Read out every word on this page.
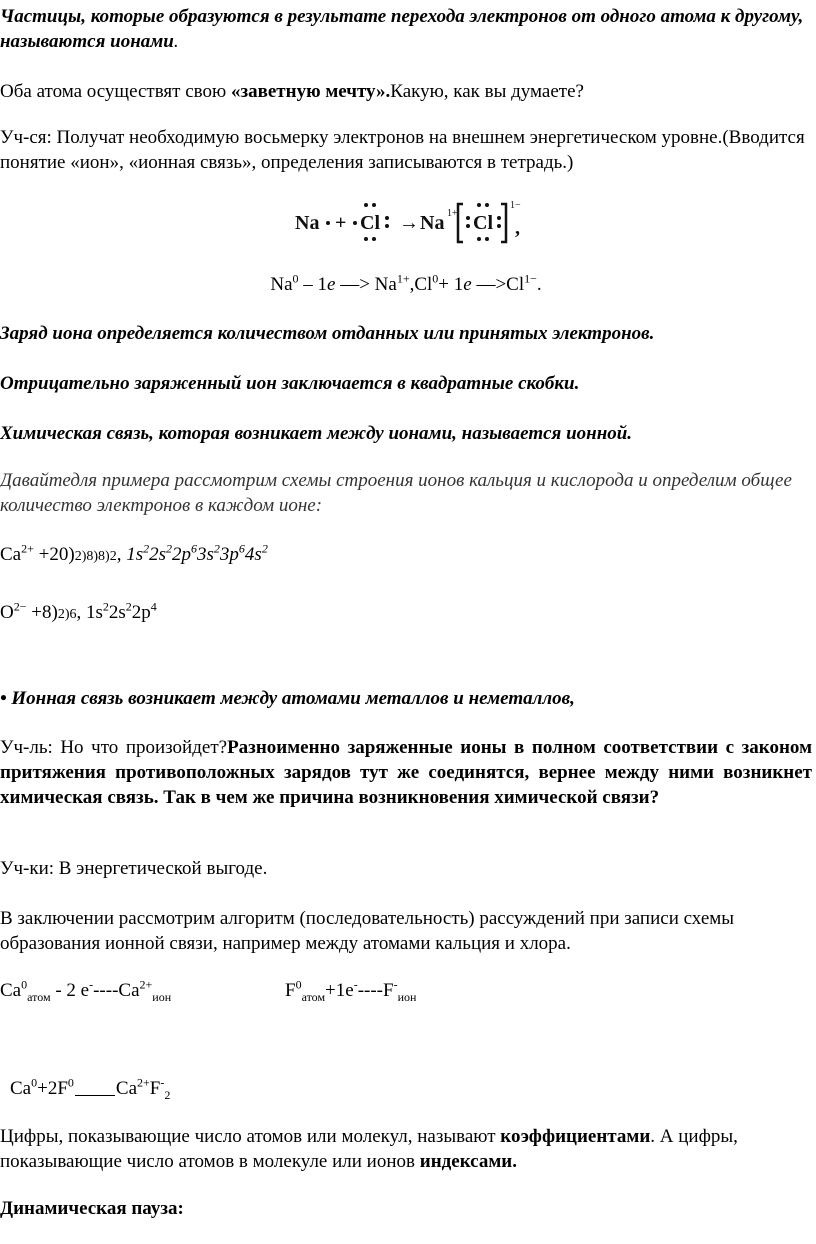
Частицы, которые образуются в результате перехода электронов от одного атома к другому, называются ионами.
Оба атома осуществят свою «заветную мечту».Какую, как вы думаете?
Уч-ся: Получат необходимую восьмерку электронов на внешнем энергетическом уровне.(Вводится понятие «ион», «ионная связь», определения записываются в тетрадь.)
Na + Cl → Na 1+ Cl
1−
,
Na$^0$ – 1e —> $Na^{1+},Cl^0+ 1e$ $—>Cl^{1-}$.
Заряд иона определяется количеством отданных или принятых электронов.
Отрицательно заряженный ион заключается в квадратные скобки.
Химическая связь, которая возникает между ионами, называется ионной.
Давайтедля примера рассмотрим схемы строения ионов кальция и кислорода и определим общее количество электронов в каждом ионе:
$Ca^{2+} +20)2)8)8)2$, $1s^22s^22p^63s^23p^64s^2$
$O^{2-} +8)2)6$, $1s^22s^22p^4$
• Ионная связь возникает между атомами металлов и неметаллов,
Уч-ль: Но что произойдет?Разноименно заряженные ионы в полном соответствии с законом притяжения противоположных зарядов тут же соединятся, вернее между ними возникнет химическая связь. Так в чем же причина возникновения химической связи?
Уч-ки: В энергетической выгоде.
В заключении рассмотрим алгоритм (последовательность) рассуждений при записи схемы образования ионной связи, например между атомами кальция и хлора.
$Ca^0_{атом} - 2$ $e^-----Ca^{2+}_{ион}$	$F^0_{атом}+1e^-----F^-_{ион}$
$Ca^0+2F^0$ $Ca^{2+}F^-_2$
Цифры, показывающие число атомов или молекул, называют коэффициентами. А цифры, показывающие число атомов в молекуле или ионов индексами.
Динамическая пауза:
